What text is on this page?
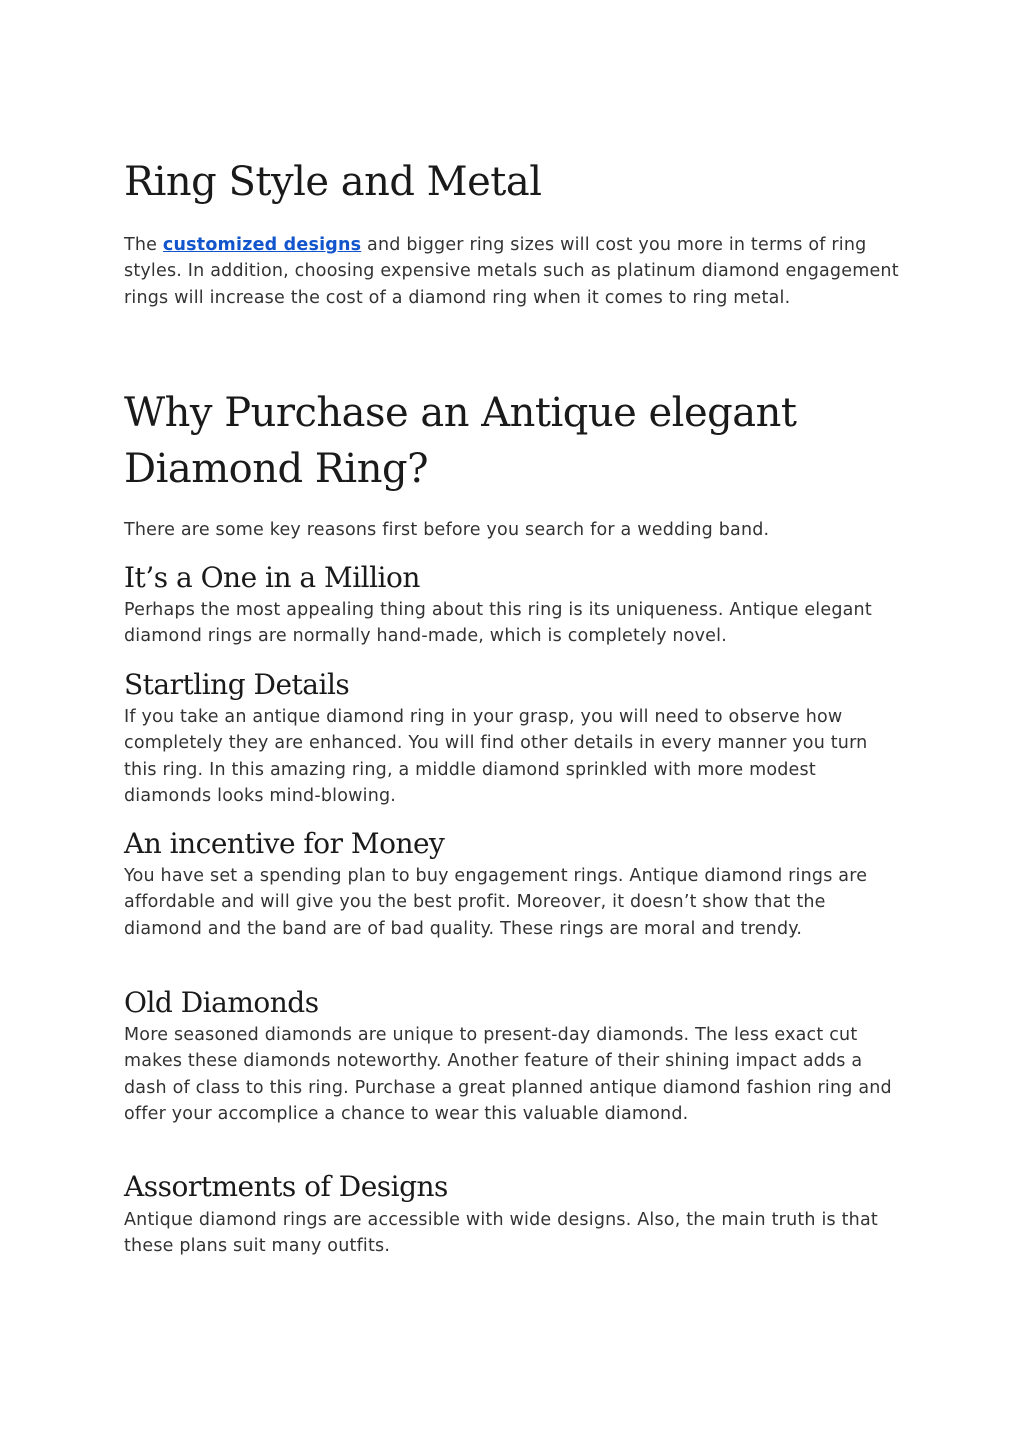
Ring Style and Metal

The customized designs and bigger ring sizes will cost you more in terms of ring styles. In addition, choosing expensive metals such as platinum diamond engagement rings will increase the cost of a diamond ring when it comes to ring metal.

Why Purchase an Antique elegant Diamond Ring?

There are some key reasons first before you search for a wedding band.

It’s a One in a Million

Perhaps the most appealing thing about this ring is its uniqueness. Antique elegant diamond rings are normally hand-made, which is completely novel.

Startling Details

If you take an antique diamond ring in your grasp, you will need to observe how completely they are enhanced. You will find other details in every manner you turn this ring. In this amazing ring, a middle diamond sprinkled with more modest diamonds looks mind-blowing.

An incentive for Money

You have set a spending plan to buy engagement rings. Antique diamond rings are affordable and will give you the best profit. Moreover, it doesn’t show that the diamond and the band are of bad quality. These rings are moral and trendy.

Old Diamonds

More seasoned diamonds are unique to present-day diamonds. The less exact cut makes these diamonds noteworthy. Another feature of their shining impact adds a dash of class to this ring. Purchase a great planned antique diamond fashion ring and offer your accomplice a chance to wear this valuable diamond.

Assortments of Designs

Antique diamond rings are accessible with wide designs. Also, the main truth is that these plans suit many outfits.
